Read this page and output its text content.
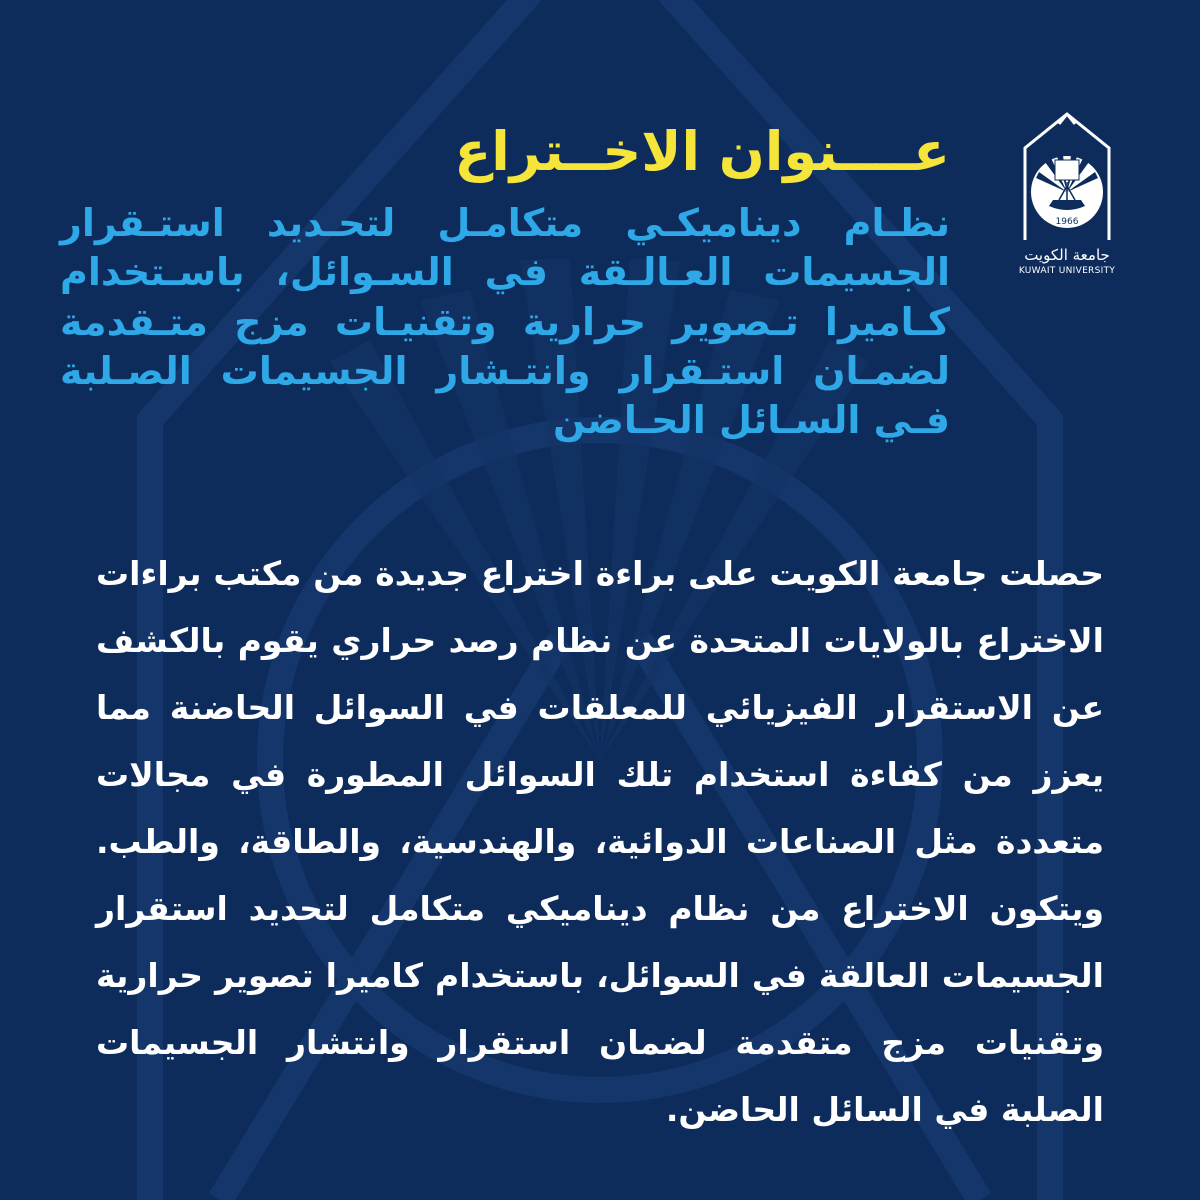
1966
جامعة الكويت
KUWAIT UNIVERSITY
عــــنوان الاخــتراع

نظـام ديناميكـي متكامـل لتحـديد استـقرار الجسيمات العـالـقة في السـوائل، باسـتخدام كـاميرا تـصوير حرارية وتقنيـات مزج متـقدمة لضمـان استـقرار وانتـشار الجسيمات الصـلبة فـي السـائل الحـاضن

حصلت جامعة الكويت على براءة اختراع جديدة من مكتب براءات الاختراع بالولايات المتحدة عن نظام رصد حراري يقوم بالكشف عن الاستقرار الفيزيائي للمعلقات في السوائل الحاضنة مما يعزز من كفاءة استخدام تلك السوائل المطورة في مجالات متعددة مثل الصناعات الدوائية، والهندسية، والطاقة، والطب. ويتكون الاختراع من نظام ديناميكي متكامل لتحديد استقرار الجسيمات العالقة في السوائل، باستخدام كاميرا تصوير حرارية وتقنيات مزج متقدمة لضمان استقرار وانتشار الجسيمات الصلبة في السائل الحاضن.
